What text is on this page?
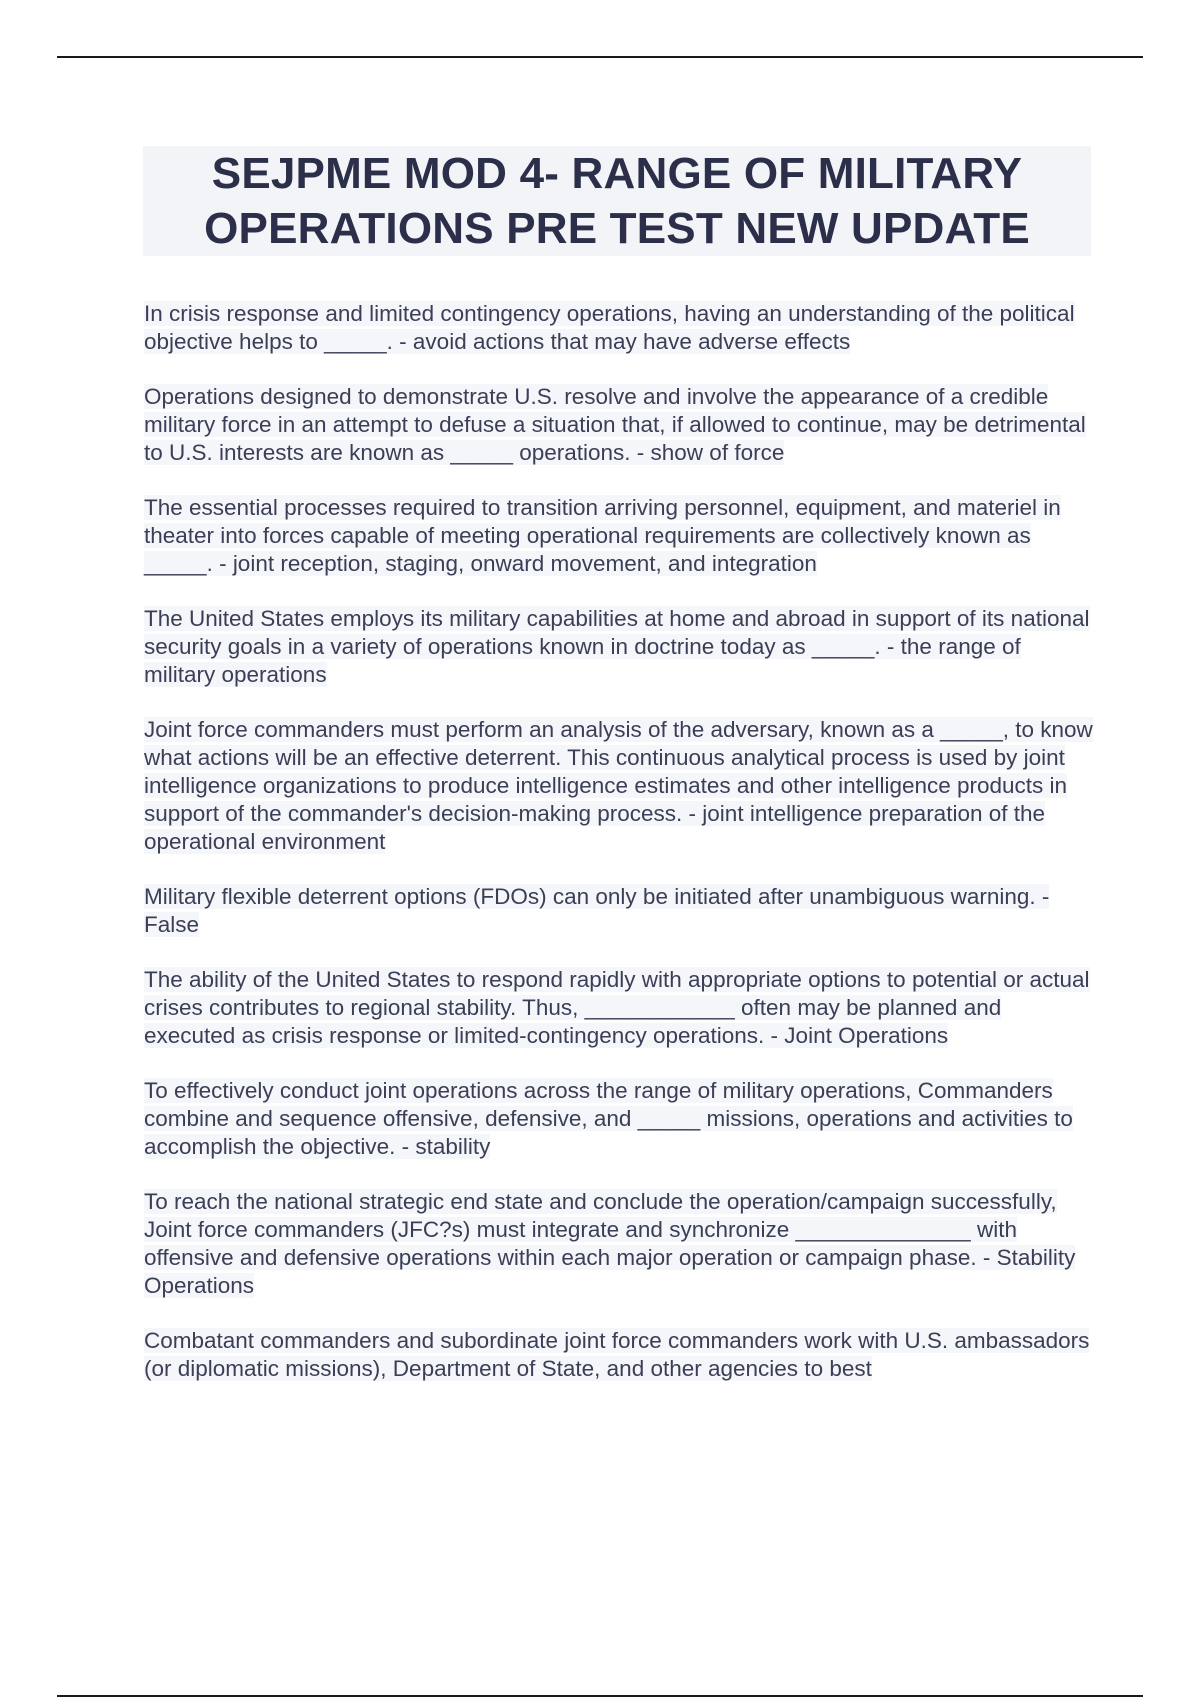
SEJPME MOD 4- RANGE OF MILITARY OPERATIONS PRE TEST NEW UPDATE

In crisis response and limited contingency operations, having an understanding of the political objective helps to _____. - avoid actions that may have adverse effects

Operations designed to demonstrate U.S. resolve and involve the appearance of a credible military force in an attempt to defuse a situation that, if allowed to continue, may be detrimental to U.S. interests are known as _____ operations. - show of force

The essential processes required to transition arriving personnel, equipment, and materiel in theater into forces capable of meeting operational requirements are collectively known as _____. - joint reception, staging, onward movement, and integration

The United States employs its military capabilities at home and abroad in support of its national security goals in a variety of operations known in doctrine today as _____. - the range of military operations

Joint force commanders must perform an analysis of the adversary, known as a _____, to know what actions will be an effective deterrent. This continuous analytical process is used by joint intelligence organizations to produce intelligence estimates and other intelligence products in support of the commander's decision-making process. - joint intelligence preparation of the operational environment

Military flexible deterrent options (FDOs) can only be initiated after unambiguous warning. - False

The ability of the United States to respond rapidly with appropriate options to potential or actual crises contributes to regional stability. Thus, ____________ often may be planned and executed as crisis response or limited-contingency operations. - Joint Operations

To effectively conduct joint operations across the range of military operations, Commanders combine and sequence offensive, defensive, and _____ missions, operations and activities to accomplish the objective. - stability

To reach the national strategic end state and conclude the operation/campaign successfully, Joint force commanders (JFC?s) must integrate and synchronize ______________ with offensive and defensive operations within each major operation or campaign phase. - Stability Operations

Combatant commanders and subordinate joint force commanders work with U.S. ambassadors (or diplomatic missions), Department of State, and other agencies to best
